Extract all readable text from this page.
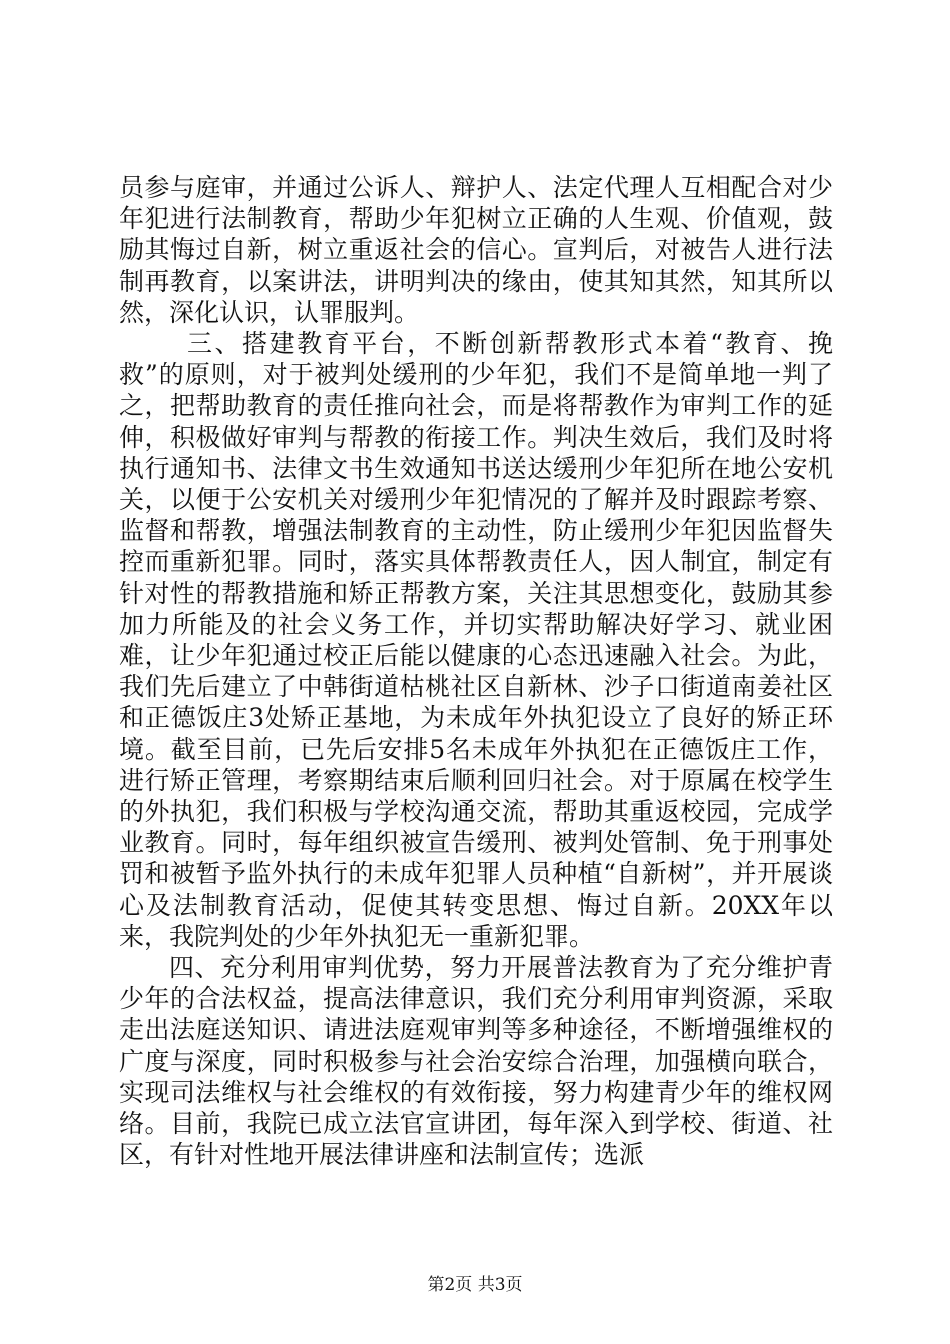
员参与庭审，并通过公诉人、辩护人、法定代理人互相配合对少年犯进行法制教育，帮助少年犯树立正确的人生观、价值观，鼓励其悔过自新，树立重返社会的信心。宣判后，对被告人进行法制再教育，以案讲法，讲明判决的缘由，使其知其然，知其所以然，深化认识，认罪服判。

三、搭建教育平台，不断创新帮教形式本着“教育、挽救”的原则，对于被判处缓刑的少年犯，我们不是简单地一判了之，把帮助教育的责任推向社会，而是将帮教作为审判工作的延伸，积极做好审判与帮教的衔接工作。判决生效后，我们及时将执行通知书、法律文书生效通知书送达缓刑少年犯所在地公安机关，以便于公安机关对缓刑少年犯情况的了解并及时跟踪考察、监督和帮教，增强法制教育的主动性，防止缓刑少年犯因监督失控而重新犯罪。同时，落实具体帮教责任人，因人制宜，制定有针对性的帮教措施和矫正帮教方案，关注其思想变化，鼓励其参加力所能及的社会义务工作，并切实帮助解决好学习、就业困难，让少年犯通过校正后能以健康的心态迅速融入社会。为此，我们先后建立了中韩街道枯桃社区自新林、沙子口街道南姜社区和正德饭庄3处矫正基地，为未成年外执犯设立了良好的矫正环境。截至目前，已先后安排5名未成年外执犯在正德饭庄工作，进行矫正管理，考察期结束后顺利回归社会。对于原属在校学生的外执犯，我们积极与学校沟通交流，帮助其重返校园，完成学业教育。同时，每年组织被宣告缓刑、被判处管制、免于刑事处罚和被暂予监外执行的未成年犯罪人员种植“自新树”，并开展谈心及法制教育活动，促使其转变思想、悔过自新。20XX年以来，我院判处的少年外执犯无一重新犯罪。

四、充分利用审判优势，努力开展普法教育为了充分维护青少年的合法权益，提高法律意识，我们充分利用审判资源，采取走出法庭送知识、请进法庭观审判等多种途径，不断增强维权的广度与深度，同时积极参与社会治安综合治理，加强横向联合，实现司法维权与社会维权的有效衔接，努力构建青少年的维权网络。目前，我院已成立法官宣讲团，每年深入到学校、街道、社区，有针对性地开展法律讲座和法制宣传；选派

第2页 共3页
